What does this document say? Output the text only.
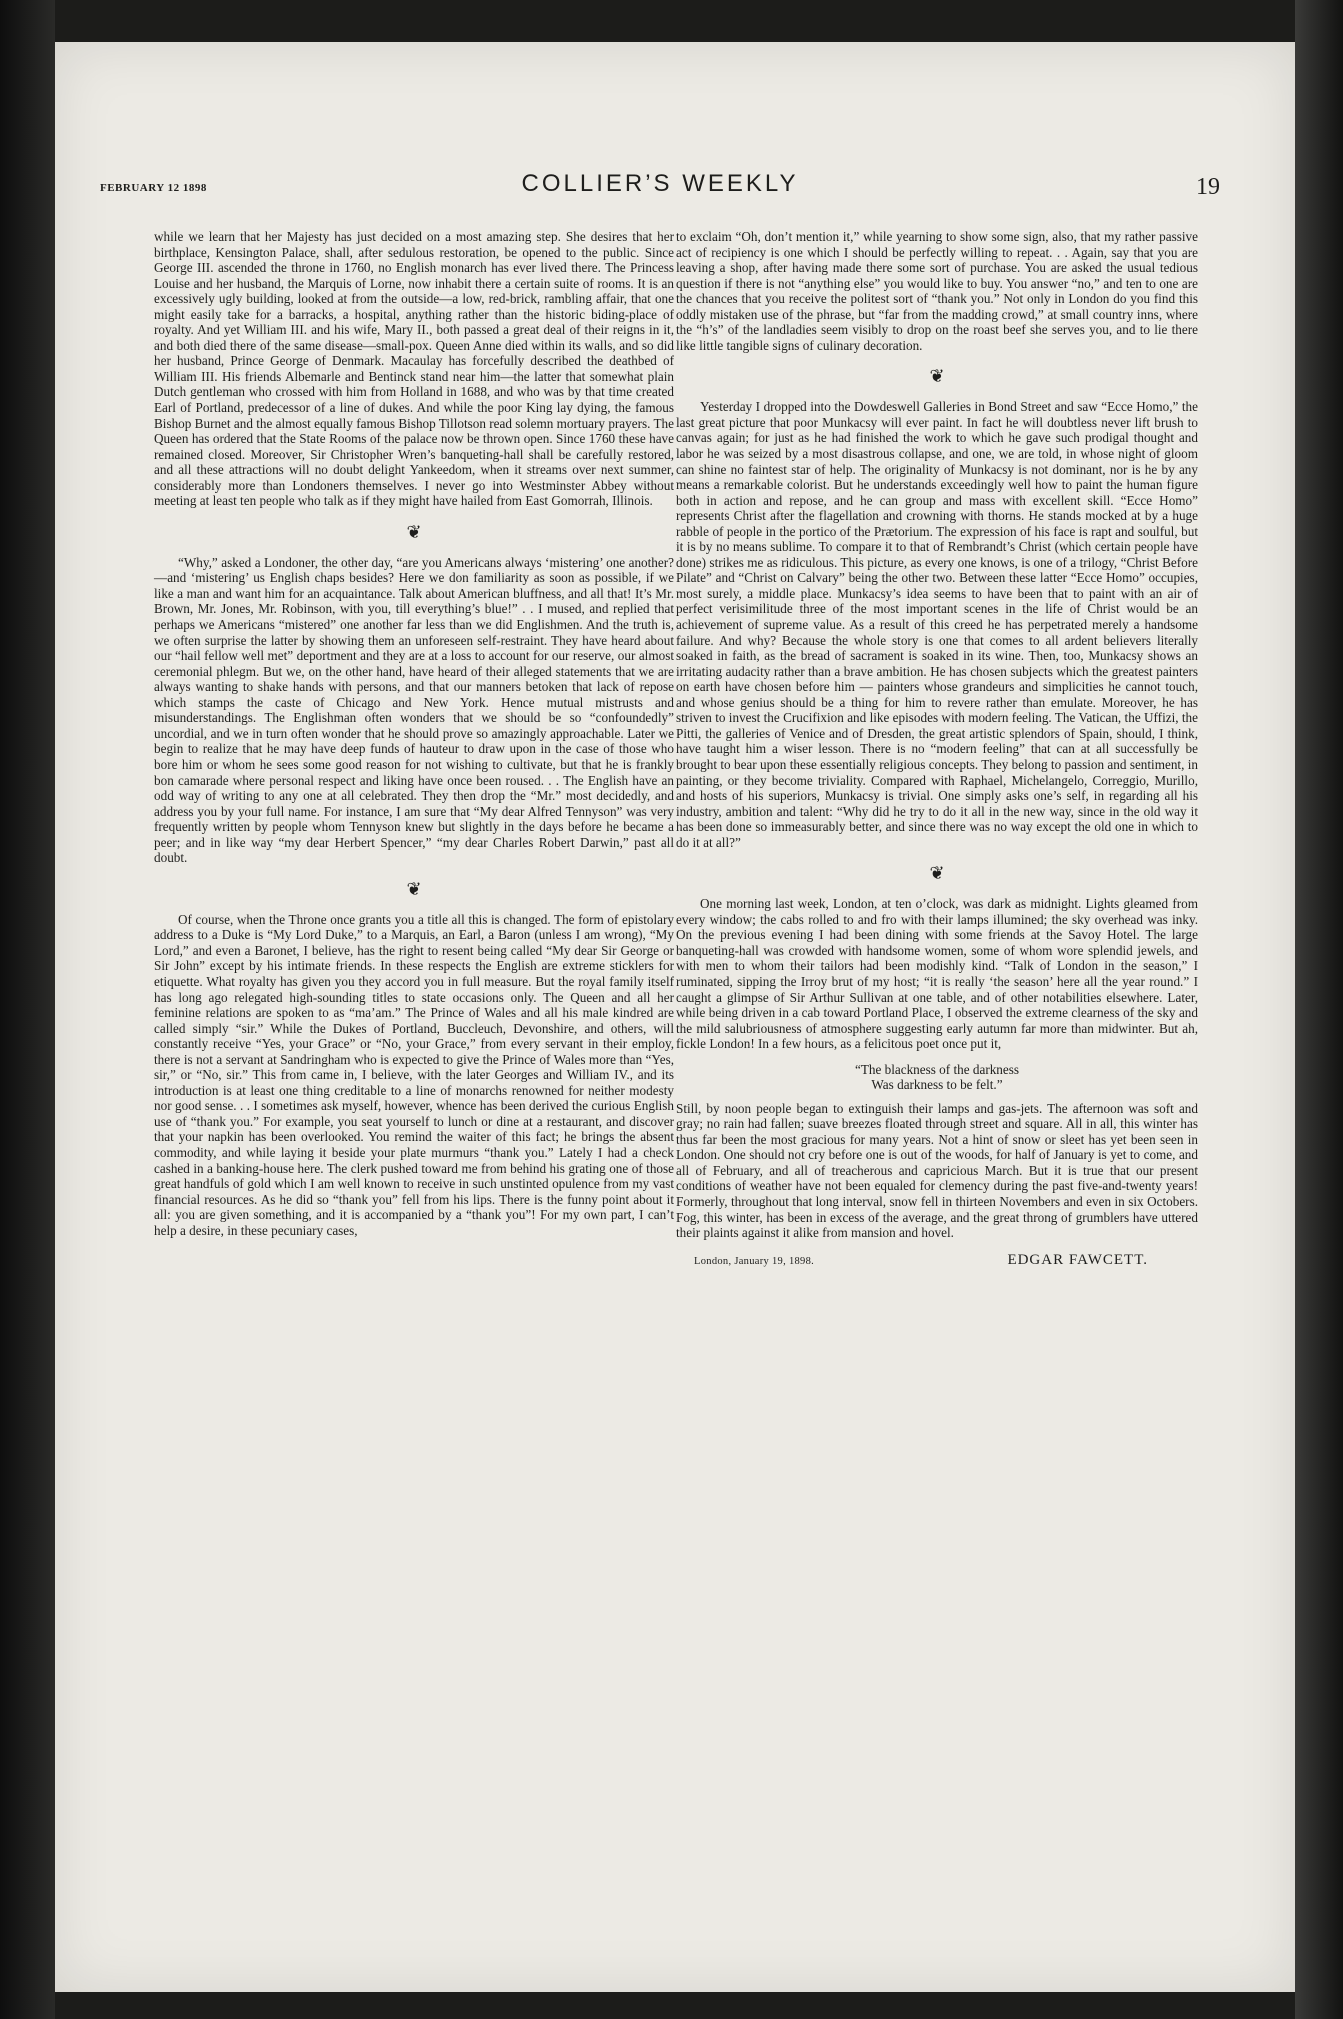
FEBRUARY 12 1898	COLLIER’S WEEKLY	19

while we learn that her Majesty has just decided on a most amazing step. She desires that her birthplace, Kensington Palace, shall, after sedulous restoration, be opened to the public. Since George III. ascended the throne in 1760, no English monarch has ever lived there. The Princess Louise and her husband, the Marquis of Lorne, now inhabit there a certain suite of rooms. It is an excessively ugly building, looked at from the outside—a low, red-brick, rambling affair, that one might easily take for a barracks, a hospital, anything rather than the historic biding-place of royalty. And yet William III. and his wife, Mary II., both passed a great deal of their reigns in it, and both died there of the same disease—small-pox. Queen Anne died within its walls, and so did her husband, Prince George of Denmark. Macaulay has forcefully described the deathbed of William III. His friends Albemarle and Bentinck stand near him—the latter that somewhat plain Dutch gentleman who crossed with him from Holland in 1688, and who was by that time created Earl of Portland, predecessor of a line of dukes. And while the poor King lay dying, the famous Bishop Burnet and the almost equally famous Bishop Tillotson read solemn mortuary prayers. The Queen has ordered that the State Rooms of the palace now be thrown open. Since 1760 these have remained closed. Moreover, Sir Christopher Wren’s banqueting-hall shall be carefully restored, and all these attractions will no doubt delight Yankeedom, when it streams over next summer, considerably more than Londoners themselves. I never go into Westminster Abbey without meeting at least ten people who talk as if they might have hailed from East Gomorrah, Illinois.

❦

“Why,” asked a Londoner, the other day, “are you Americans always ‘mistering’ one another?—and ‘mistering’ us English chaps besides? Here we don familiarity as soon as possible, if we like a man and want him for an acquaintance. Talk about American bluffness, and all that! It’s Mr. Brown, Mr. Jones, Mr. Robinson, with you, till everything’s blue!” . . I mused, and replied that perhaps we Americans “mistered” one another far less than we did Englishmen. And the truth is, we often surprise the latter by showing them an unforeseen self-restraint. They have heard about our “hail fellow well met” deportment and they are at a loss to account for our reserve, our almost ceremonial phlegm. But we, on the other hand, have heard of their alleged statements that we are always wanting to shake hands with persons, and that our manners betoken that lack of repose which stamps the caste of Chicago and New York. Hence mutual mistrusts and misunderstandings. The Englishman often wonders that we should be so “confoundedly” uncordial, and we in turn often wonder that he should prove so amazingly approachable. Later we begin to realize that he may have deep funds of hauteur to draw upon in the case of those who bore him or whom he sees some good reason for not wishing to cultivate, but that he is frankly bon camarade where personal respect and liking have once been roused. . . The English have an odd way of writing to any one at all celebrated. They then drop the “Mr.” most decidedly, and address you by your full name. For instance, I am sure that “My dear Alfred Tennyson” was very frequently written by people whom Tennyson knew but slightly in the days before he became a peer; and in like way “my dear Herbert Spencer,” “my dear Charles Robert Darwin,” past all doubt.

❦

Of course, when the Throne once grants you a title all this is changed. The form of epistolary address to a Duke is “My Lord Duke,” to a Marquis, an Earl, a Baron (unless I am wrong), “My Lord,” and even a Baronet, I believe, has the right to resent being called “My dear Sir George or Sir John” except by his intimate friends. In these respects the English are extreme sticklers for etiquette. What royalty has given you they accord you in full measure. But the royal family itself has long ago relegated high-sounding titles to state occasions only. The Queen and all her feminine relations are spoken to as “ma’am.” The Prince of Wales and all his male kindred are called simply “sir.” While the Dukes of Portland, Buccleuch, Devonshire, and others, will constantly receive “Yes, your Grace” or “No, your Grace,” from every servant in their employ, there is not a servant at Sandringham who is expected to give the Prince of Wales more than “Yes, sir,” or “No, sir.” This from came in, I believe, with the later Georges and William IV., and its introduction is at least one thing creditable to a line of monarchs renowned for neither modesty nor good sense. . . I sometimes ask myself, however, whence has been derived the curious English use of “thank you.” For example, you seat yourself to lunch or dine at a restaurant, and discover that your napkin has been overlooked. You remind the waiter of this fact; he brings the absent commodity, and while laying it beside your plate murmurs “thank you.” Lately I had a check cashed in a banking-house here. The clerk pushed toward me from behind his grating one of those great handfuls of gold which I am well known to receive in such unstinted opulence from my vast financial resources. As he did so “thank you” fell from his lips. There is the funny point about it all: you are given something, and it is accompanied by a “thank you”! For my own part, I can’t help a desire, in these pecuniary cases,

to exclaim “Oh, don’t mention it,” while yearning to show some sign, also, that my rather passive act of recipiency is one which I should be perfectly willing to repeat. . . Again, say that you are leaving a shop, after having made there some sort of purchase. You are asked the usual tedious question if there is not “anything else” you would like to buy. You answer “no,” and ten to one are the chances that you receive the politest sort of “thank you.” Not only in London do you find this oddly mistaken use of the phrase, but “far from the madding crowd,” at small country inns, where the “h’s” of the landladies seem visibly to drop on the roast beef she serves you, and to lie there like little tangible signs of culinary decoration.

❦

Yesterday I dropped into the Dowdeswell Galleries in Bond Street and saw “Ecce Homo,” the last great picture that poor Munkacsy will ever paint. In fact he will doubtless never lift brush to canvas again; for just as he had finished the work to which he gave such prodigal thought and labor he was seized by a most disastrous collapse, and one, we are told, in whose night of gloom can shine no faintest star of help. The originality of Munkacsy is not dominant, nor is he by any means a remarkable colorist. But he understands exceedingly well how to paint the human figure both in action and repose, and he can group and mass with excellent skill. “Ecce Homo” represents Christ after the flagellation and crowning with thorns. He stands mocked at by a huge rabble of people in the portico of the Prætorium. The expression of his face is rapt and soulful, but it is by no means sublime. To compare it to that of Rembrandt’s Christ (which certain people have done) strikes me as ridiculous. This picture, as every one knows, is one of a trilogy, “Christ Before Pilate” and “Christ on Calvary” being the other two. Between these latter “Ecce Homo” occupies, most surely, a middle place. Munkacsy’s idea seems to have been that to paint with an air of perfect verisimilitude three of the most important scenes in the life of Christ would be an achievement of supreme value. As a result of this creed he has perpetrated merely a handsome failure. And why? Because the whole story is one that comes to all ardent believers literally soaked in faith, as the bread of sacrament is soaked in its wine. Then, too, Munkacsy shows an irritating audacity rather than a brave ambition. He has chosen subjects which the greatest painters on earth have chosen before him — painters whose grandeurs and simplicities he cannot touch, and whose genius should be a thing for him to revere rather than emulate. Moreover, he has striven to invest the Crucifixion and like episodes with modern feeling. The Vatican, the Uffizi, the Pitti, the galleries of Venice and of Dresden, the great artistic splendors of Spain, should, I think, have taught him a wiser lesson. There is no “modern feeling” that can at all successfully be brought to bear upon these essentially religious concepts. They belong to passion and sentiment, in painting, or they become triviality. Compared with Raphael, Michelangelo, Correggio, Murillo, and hosts of his superiors, Munkacsy is trivial. One simply asks one’s self, in regarding all his industry, ambition and talent: “Why did he try to do it all in the new way, since in the old way it has been done so immeasurably better, and since there was no way except the old one in which to do it at all?”

❦

One morning last week, London, at ten o’clock, was dark as midnight. Lights gleamed from every window; the cabs rolled to and fro with their lamps illumined; the sky overhead was inky. On the previous evening I had been dining with some friends at the Savoy Hotel. The large banqueting-hall was crowded with handsome women, some of whom wore splendid jewels, and with men to whom their tailors had been modishly kind. “Talk of London in the season,” I ruminated, sipping the Irroy brut of my host; “it is really ‘the season’ here all the year round.” I caught a glimpse of Sir Arthur Sullivan at one table, and of other notabilities elsewhere. Later, while being driven in a cab toward Portland Place, I observed the extreme clearness of the sky and the mild salubriousness of atmosphere suggesting early autumn far more than midwinter. But ah, fickle London! In a few hours, as a felicitous poet once put it,

“The blackness of the darkness
Was darkness to be felt.”

Still, by noon people began to extinguish their lamps and gas-jets. The afternoon was soft and gray; no rain had fallen; suave breezes floated through street and square. All in all, this winter has thus far been the most gracious for many years. Not a hint of snow or sleet has yet been seen in London. One should not cry before one is out of the woods, for half of January is yet to come, and all of February, and all of treacherous and capricious March. But it is true that our present conditions of weather have not been equaled for clemency during the past five-and-twenty years! Formerly, throughout that long interval, snow fell in thirteen Novembers and even in six Octobers. Fog, this winter, has been in excess of the average, and the great throng of grumblers have uttered their plaints against it alike from mansion and hovel.

London, January 19, 1898.	EDGAR FAWCETT.
